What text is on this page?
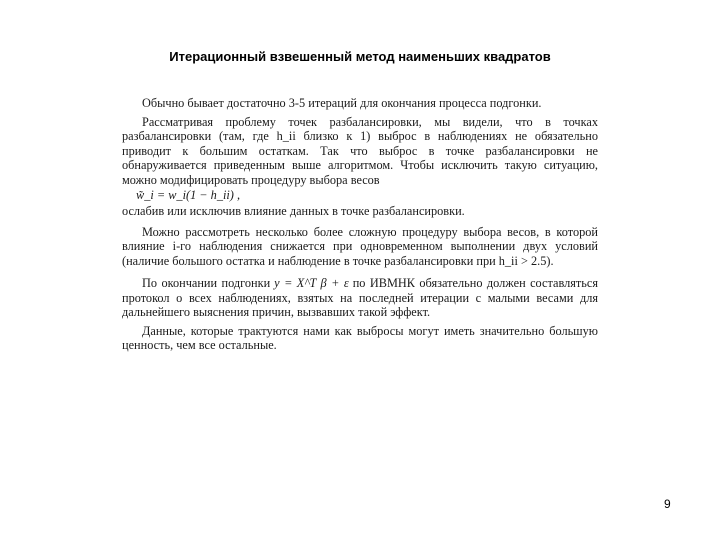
Итерационный взвешенный метод наименьших квадратов

Обычно бывает достаточно 3-5 итераций для окончания процесса подгонки.

Рассматривая проблему точек разбалансировки, мы видели, что в точках разбалансировки (там, где h_ii близко к 1) выброс в наблюдениях не обязательно приводит к большим остаткам. Так что выброс в точке разбалансировки не обнаруживается приведенным выше алгоритмом. Чтобы исключить такую ситуацию, можно модифицировать процедуру выбора весов

w̃_i = w_i(1 − h_ii) ,

ослабив или исключив влияние данных в точке разбалансировки.

Можно рассмотреть несколько более сложную процедуру выбора весов, в которой влияние i-го наблюдения снижается при одновременном выполнении двух условий (наличие большого остатка и наблюдение в точке разбалансировки при h_ii > 2.5).

По окончании подгонки y = X^T β + ε по ИВМНК обязательно должен составляться протокол о всех наблюдениях, взятых на последней итерации с малыми весами для дальнейшего выяснения причин, вызвавших такой эффект.

Данные, которые трактуются нами как выбросы могут иметь значительно большую ценность, чем все остальные.

9
